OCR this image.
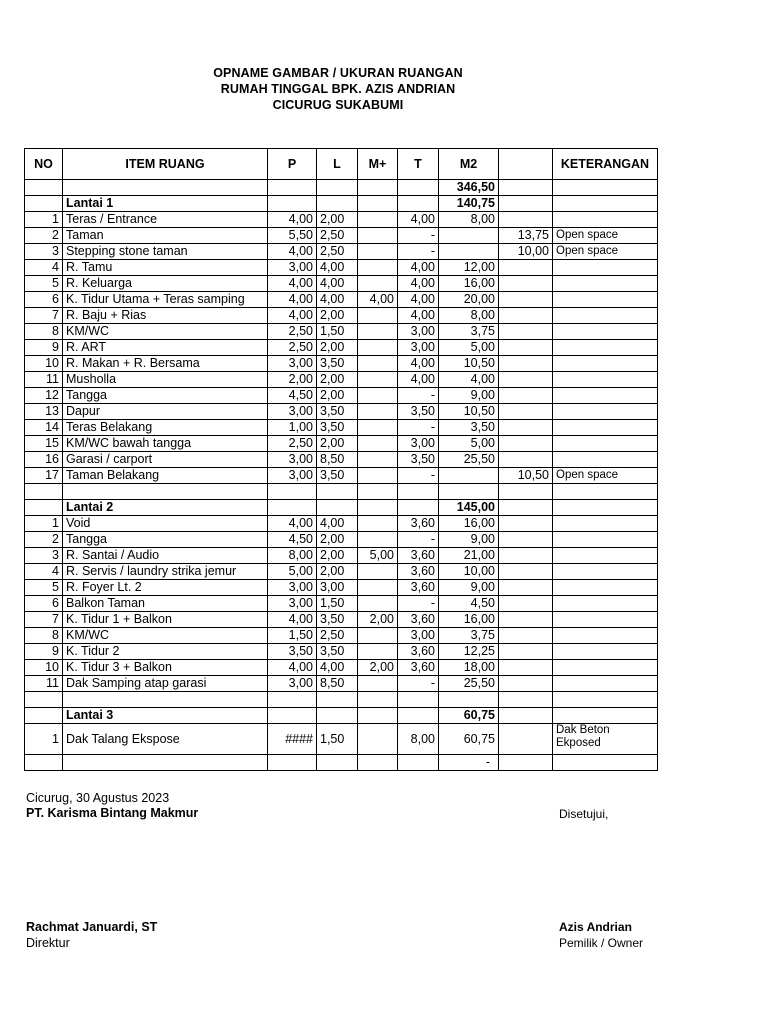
OPNAME GAMBAR / UKURAN RUANGAN
RUMAH TINGGAL BPK. AZIS ANDRIAN
CICURUG SUKABUMI
NO	ITEM RUANG	P	L	M+	T	M2		KETERANGAN
						346,50		
	Lantai 1					140,75		
1	Teras / Entrance	4,00	2,00		4,00	8,00		
2	Taman	5,50	2,50		-		13,75	Open space
3	Stepping stone taman	4,00	2,50		-		10,00	Open space
4	R. Tamu	3,00	4,00		4,00	12,00		
5	R. Keluarga	4,00	4,00		4,00	16,00		
6	K. Tidur Utama + Teras samping	4,00	4,00	4,00	4,00	20,00		
7	R. Baju + Rias	4,00	2,00		4,00	8,00		
8	KM/WC	2,50	1,50		3,00	3,75		
9	R. ART	2,50	2,00		3,00	5,00		
10	R. Makan + R. Bersama	3,00	3,50		4,00	10,50		
11	Musholla	2,00	2,00		4,00	4,00		
12	Tangga	4,50	2,00		-	9,00		
13	Dapur	3,00	3,50		3,50	10,50		
14	Teras Belakang	1,00	3,50		-	3,50		
15	KM/WC bawah tangga	2,50	2,00		3,00	5,00		
16	Garasi / carport	3,00	8,50		3,50	25,50		
17	Taman Belakang	3,00	3,50		-		10,50	Open space

	Lantai 2					145,00		
1	Void	4,00	4,00		3,60	16,00		
2	Tangga	4,50	2,00		-	9,00		
3	R. Santai / Audio	8,00	2,00	5,00	3,60	21,00		
4	R. Servis / laundry strika jemur	5,00	2,00		3,60	10,00		
5	R. Foyer Lt. 2	3,00	3,00		3,60	9,00		
6	Balkon Taman	3,00	1,50		-	4,50		
7	K. Tidur 1 + Balkon	4,00	3,50	2,00	3,60	16,00		
8	KM/WC	1,50	2,50		3,00	3,75		
9	K. Tidur 2	3,50	3,50		3,60	12,25		
10	K. Tidur 3 + Balkon	4,00	4,00	2,00	3,60	18,00		
11	Dak Samping atap garasi	3,00	8,50		-	25,50		

	Lantai 3					60,75		
1	Dak Talang Ekspose	####	1,50		8,00	60,75		Dak Beton
Ekposed
						-		
Cicurug, 30 Agustus 2023
PT. Karisma Bintang Makmur	Disetujui,
Rachmat Januardi, ST
Direktur
Azis Andrian
Pemilik / Owner
